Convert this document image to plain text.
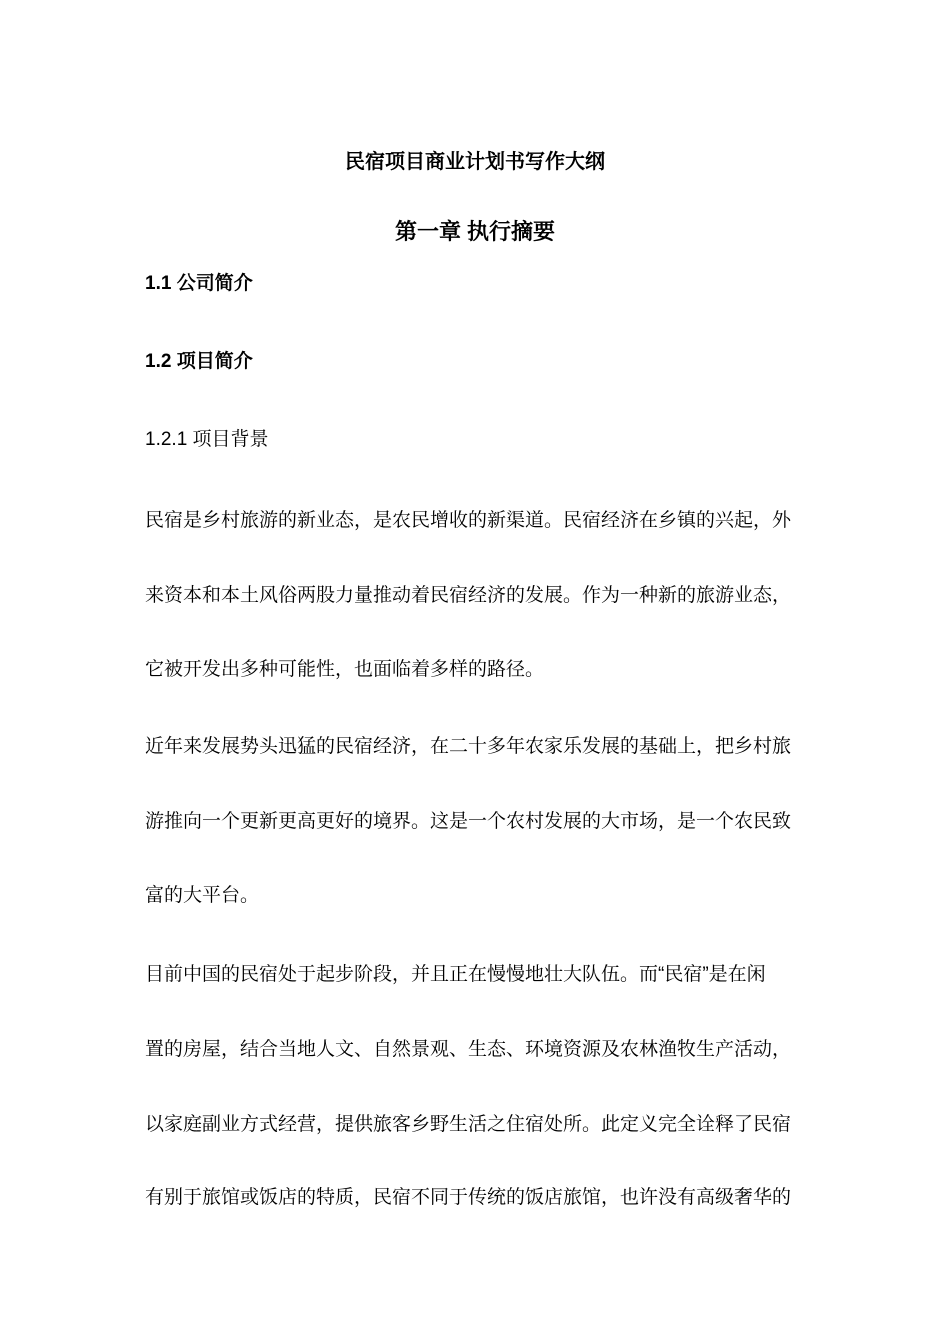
民宿项目商业计划书写作大纲
第一章 执行摘要
1.1 公司简介
1.2 项目简介
1.2.1 项目背景
民宿是乡村旅游的新业态，是农民增收的新渠道。民宿经济在乡镇的兴起，外
来资本和本土风俗两股力量推动着民宿经济的发展。作为一种新的旅游业态，
它被开发出多种可能性，也面临着多样的路径。
近年来发展势头迅猛的民宿经济，在二十多年农家乐发展的基础上，把乡村旅
游推向一个更新更高更好的境界。这是一个农村发展的大市场，是一个农民致
富的大平台。
目前中国的民宿处于起步阶段，并且正在慢慢地壮大队伍。而“民宿”是在闲
置的房屋，结合当地人文、自然景观、生态、环境资源及农林渔牧生产活动，
以家庭副业方式经营，提供旅客乡野生活之住宿处所。此定义完全诠释了民宿
有别于旅馆或饭店的特质，民宿不同于传统的饭店旅馆，也许没有高级奢华的
